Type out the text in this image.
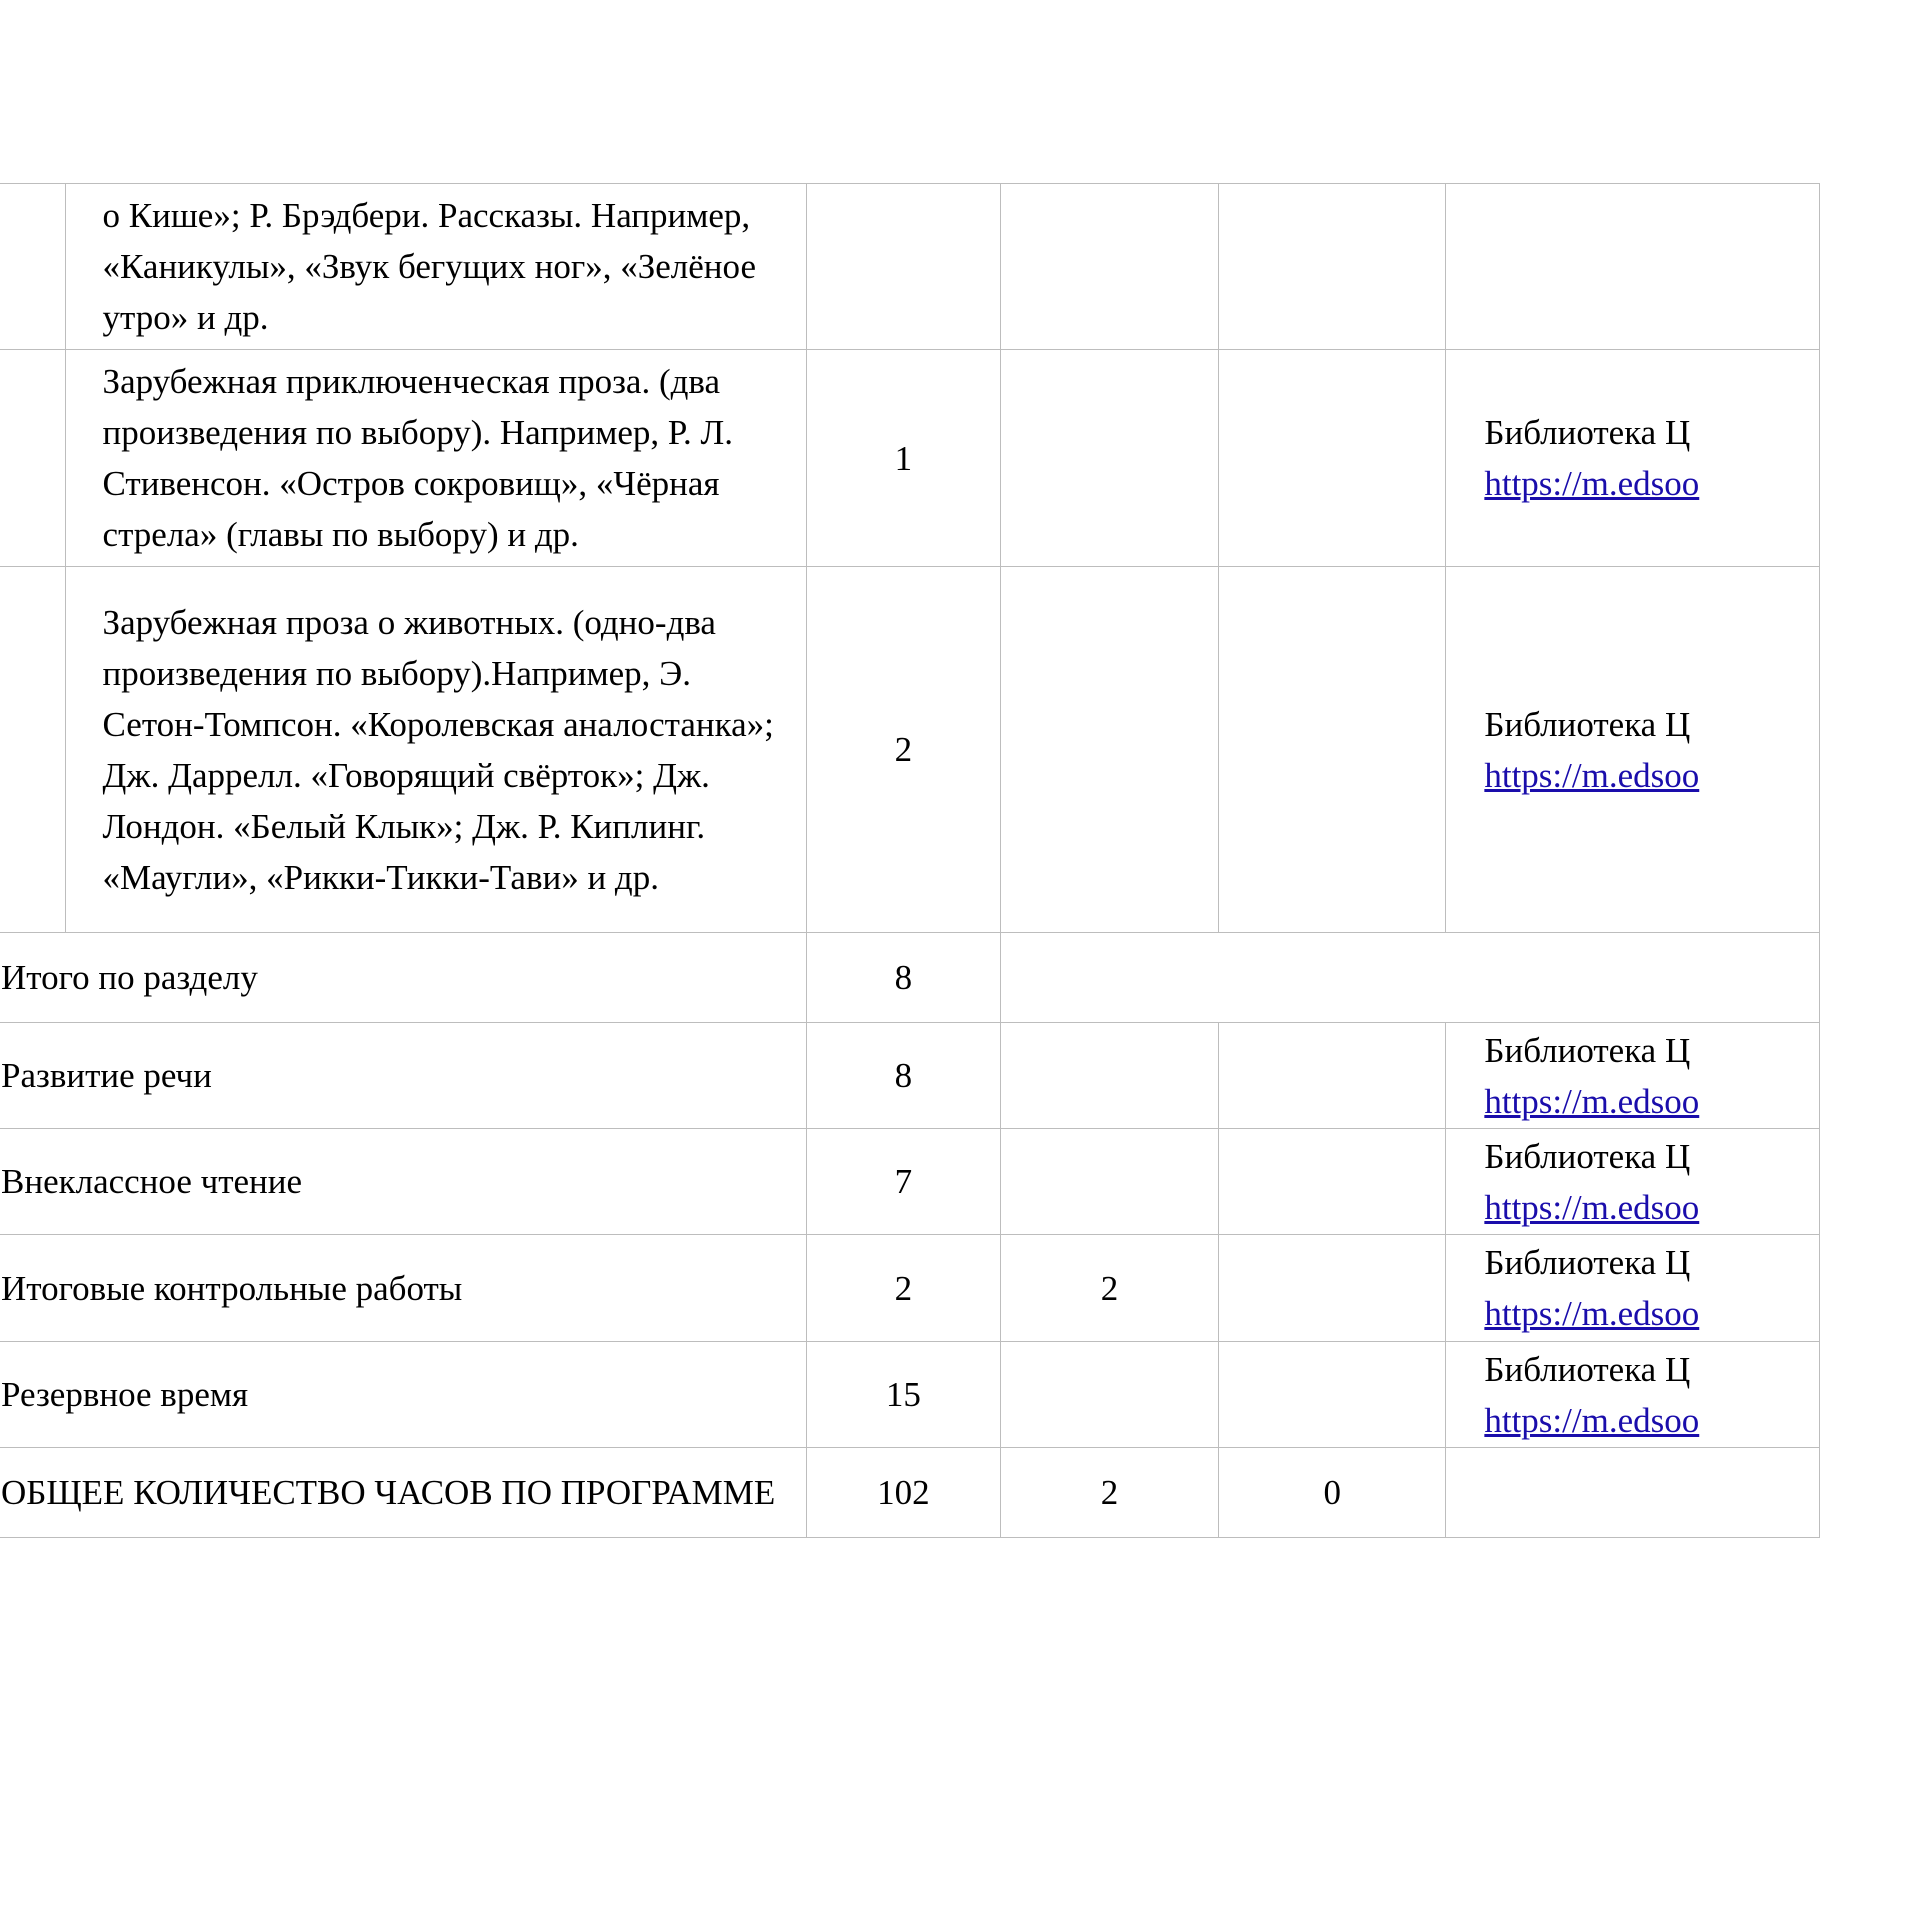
	о Кише»; Р. Брэдбери. Рассказы. Например, «Каникулы», «Звук бегущих ног», «Зелёное утро» и др.				

	Зарубежная приключенческая проза. (два произведения по выбору). Например, Р. Л. Стивенсон. «Остров сокровищ», «Чёрная стрела» (главы по выбору) и др.	1			Библиотека Ц
https://m.edsoo

	Зарубежная проза о животных. (одно-два произведения по выбору).Например, Э. Сетон-Томпсон. «Королевская аналостанка»; Дж. Даррелл. «Говорящий свёрток»; Дж. Лондон. «Белый Клык»; Дж. Р. Киплинг. «Маугли», «Рикки-Тикки-Тави» и др.	2			Библиотека Ц
https://m.edsoo

Итого по разделу		8			
Развитие речи		8			Библиотека Ц
https://m.edsoo

Внеклассное чтение		7			Библиотека Ц
https://m.edsoo

Итоговые контрольные работы		2	2		Библиотека Ц
https://m.edsoo

Резервное время		15			Библиотека Ц
https://m.edsoo

ОБЩЕЕ КОЛИЧЕСТВО ЧАСОВ ПО ПРОГРАММЕ		102	2	0	
